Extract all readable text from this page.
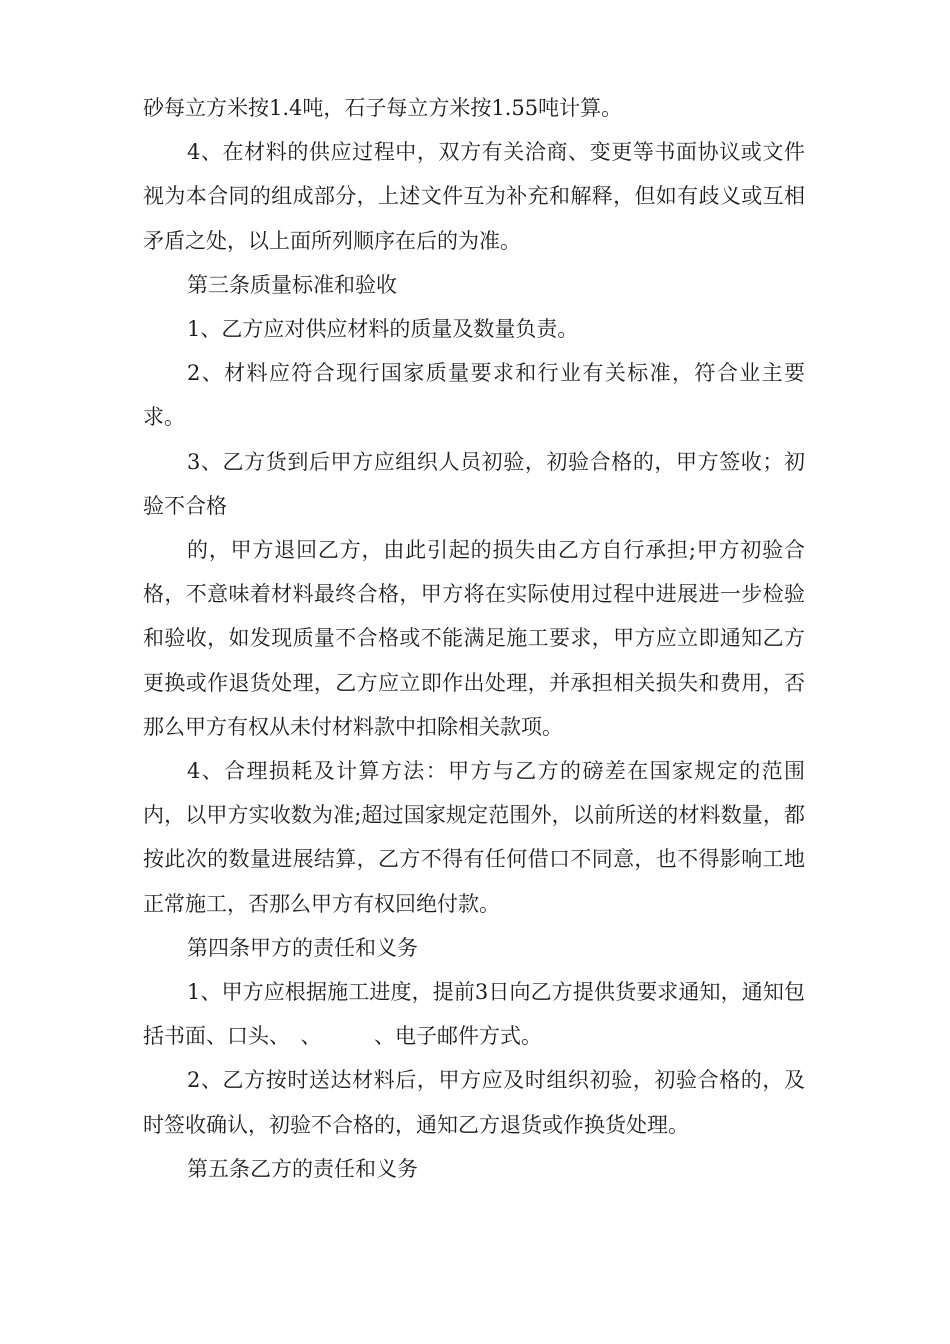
砂每立方米按1.4吨，石子每立方米按1.55吨计算。

4、在材料的供应过程中，双方有关洽商、变更等书面协议或文件视为本合同的组成部分，上述文件互为补充和解释，但如有歧义或互相矛盾之处，以上面所列顺序在后的为准。

第三条质量标准和验收

1、乙方应对供应材料的质量及数量负责。

2、材料应符合现行国家质量要求和行业有关标准，符合业主要求。

3、乙方货到后甲方应组织人员初验，初验合格的，甲方签收；初验不合格

的，甲方退回乙方，由此引起的损失由乙方自行承担;甲方初验合格，不意味着材料最终合格，甲方将在实际使用过程中进展进一步检验和验收，如发现质量不合格或不能满足施工要求，甲方应立即通知乙方更换或作退货处理，乙方应立即作出处理，并承担相关损失和费用，否那么甲方有权从未付材料款中扣除相关款项。

4、合理损耗及计算方法：甲方与乙方的磅差在国家规定的范围内，以甲方实收数为准;超过国家规定范围外，以前所送的材料数量，都按此次的数量进展结算，乙方不得有任何借口不同意，也不得影响工地正常施工，否那么甲方有权回绝付款。

第四条甲方的责任和义务

1、甲方应根据施工进度，提前3日向乙方提供货要求通知，通知包括书面、口头、　、　　　、电子邮件方式。

2、乙方按时送达材料后，甲方应及时组织初验，初验合格的，及时签收确认，初验不合格的，通知乙方退货或作换货处理。

第五条乙方的责任和义务
